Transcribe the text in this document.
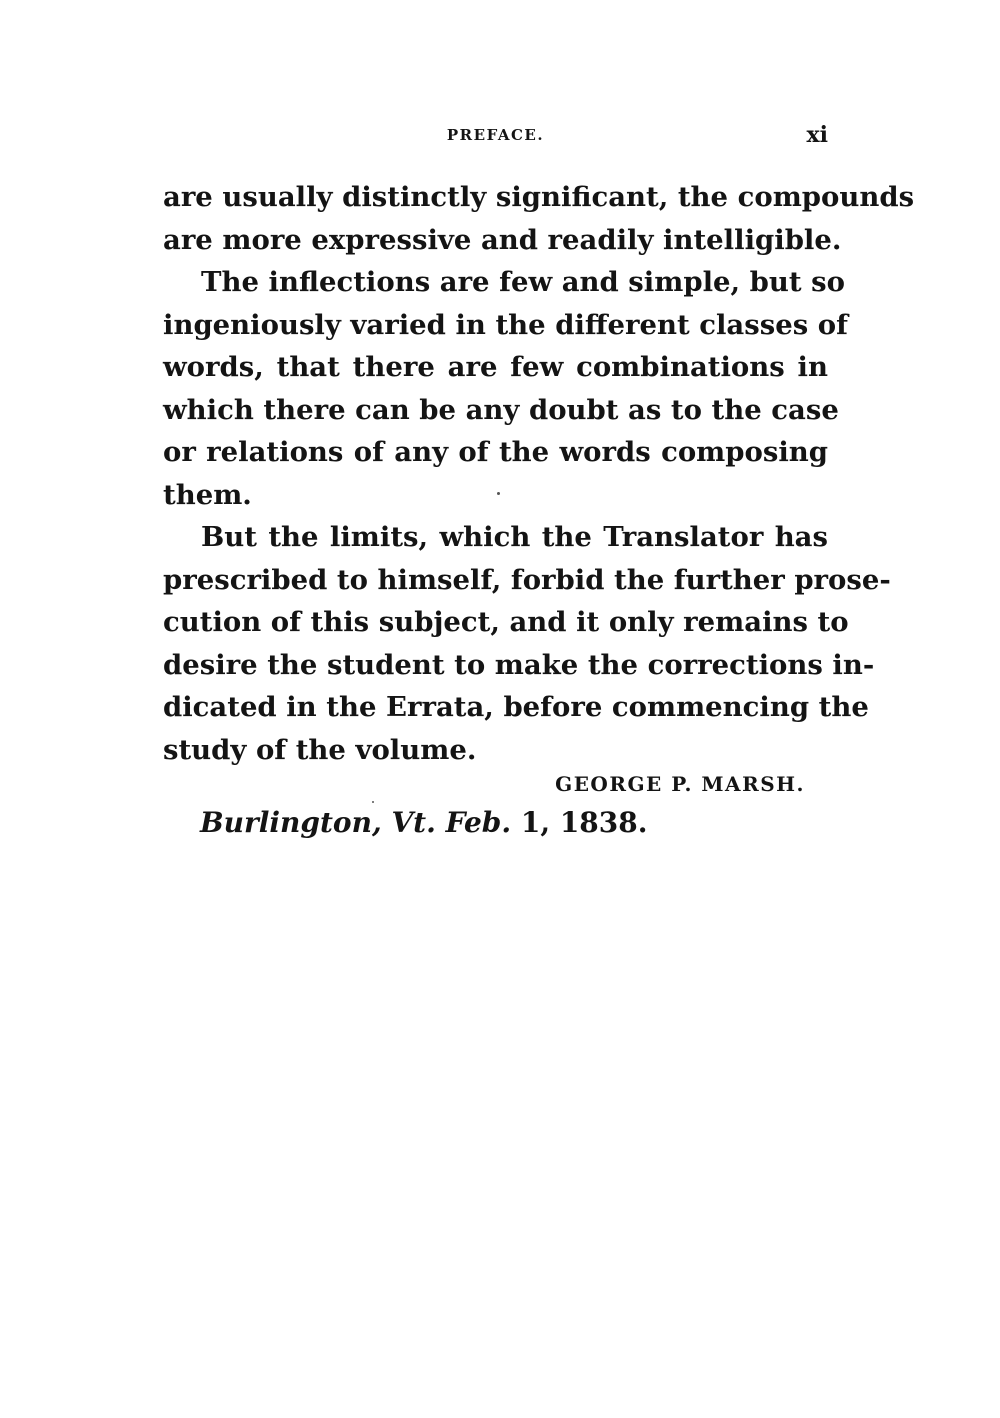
PREFACE.	xi
are usually distinctly significant, the compounds
are more expressive and readily intelligible.
The inflections are few and simple, but so
ingeniously varied in the different classes of
words, that there are few combinations in
which there can be any doubt as to the case
or relations of any of the words composing
them.
But the limits, which the Translator has
prescribed to himself, forbid the further prose-
cution of this subject, and it only remains to
desire the student to make the corrections in-
dicated in the Errata, before commencing the
study of the volume.
GEORGE P. MARSH.
Burlington, Vt. Feb. 1, 1838.
